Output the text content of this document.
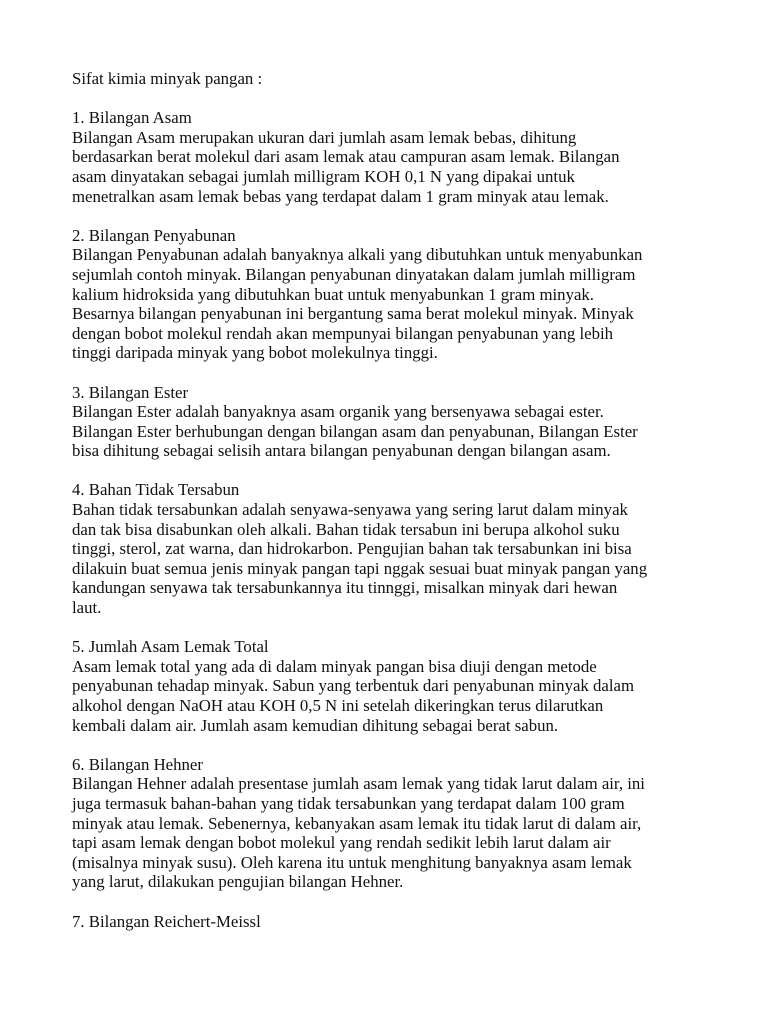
Sifat kimia minyak pangan :
1. Bilangan Asam
Bilangan Asam merupakan ukuran dari jumlah asam lemak bebas, dihitung
berdasarkan berat molekul dari asam lemak atau campuran asam lemak. Bilangan
asam dinyatakan sebagai jumlah milligram KOH 0,1 N yang dipakai untuk
menetralkan asam lemak bebas yang terdapat dalam 1 gram minyak atau lemak.
2. Bilangan Penyabunan
Bilangan Penyabunan adalah banyaknya alkali yang dibutuhkan untuk menyabunkan
sejumlah contoh minyak. Bilangan penyabunan dinyatakan dalam jumlah milligram
kalium hidroksida yang dibutuhkan buat untuk menyabunkan 1 gram minyak.
Besarnya bilangan penyabunan ini bergantung sama berat molekul minyak. Minyak
dengan bobot molekul rendah akan mempunyai bilangan penyabunan yang lebih
tinggi daripada minyak yang bobot molekulnya tinggi.
3. Bilangan Ester
Bilangan Ester adalah banyaknya asam organik yang bersenyawa sebagai ester.
Bilangan Ester berhubungan dengan bilangan asam dan penyabunan, Bilangan Ester
bisa dihitung sebagai selisih antara bilangan penyabunan dengan bilangan asam.
4. Bahan Tidak Tersabun
Bahan tidak tersabunkan adalah senyawa-senyawa yang sering larut dalam minyak
dan tak bisa disabunkan oleh alkali. Bahan tidak tersabun ini berupa alkohol suku
tinggi, sterol, zat warna, dan hidrokarbon. Pengujian bahan tak tersabunkan ini bisa
dilakuin buat semua jenis minyak pangan tapi nggak sesuai buat minyak pangan yang
kandungan senyawa tak tersabunkannya itu tinnggi, misalkan minyak dari hewan
laut.
5. Jumlah Asam Lemak Total
Asam lemak total yang ada di dalam minyak pangan bisa diuji dengan metode
penyabunan tehadap minyak. Sabun yang terbentuk dari penyabunan minyak dalam
alkohol dengan NaOH atau KOH 0,5 N ini setelah dikeringkan terus dilarutkan
kembali dalam air. Jumlah asam kemudian dihitung sebagai berat sabun.
6. Bilangan Hehner
Bilangan Hehner adalah presentase jumlah asam lemak yang tidak larut dalam air, ini
juga termasuk bahan-bahan yang tidak tersabunkan yang terdapat dalam 100 gram
minyak atau lemak. Sebenernya, kebanyakan asam lemak itu tidak larut di dalam air,
tapi asam lemak dengan bobot molekul yang rendah sedikit lebih larut dalam air
(misalnya minyak susu). Oleh karena itu untuk menghitung banyaknya asam lemak
yang larut, dilakukan pengujian bilangan Hehner.
7. Bilangan Reichert-Meissl
